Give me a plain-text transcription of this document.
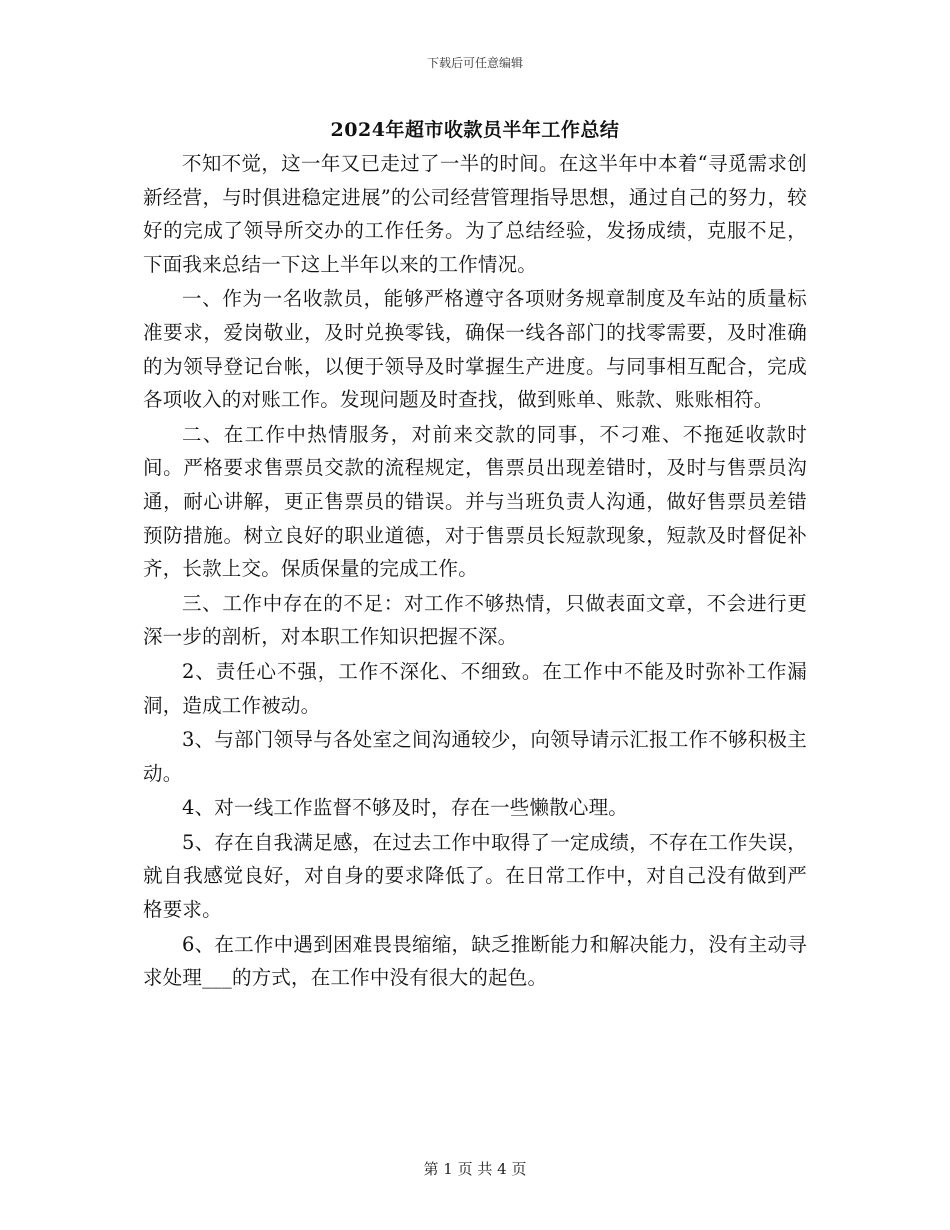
下载后可任意编辑
2024年超市收款员半年工作总结

不知不觉，这一年又已走过了一半的时间。在这半年中本着“寻觅需求创新经营，与时俱进稳定进展”的公司经营管理指导思想，通过自己的努力，较好的完成了领导所交办的工作任务。为了总结经验，发扬成绩，克服不足，下面我来总结一下这上半年以来的工作情况。

一、作为一名收款员，能够严格遵守各项财务规章制度及车站的质量标准要求，爱岗敬业，及时兑换零钱，确保一线各部门的找零需要，及时准确的为领导登记台帐，以便于领导及时掌握生产进度。与同事相互配合，完成各项收入的对账工作。发现问题及时查找，做到账单、账款、账账相符。

二、在工作中热情服务，对前来交款的同事，不刁难、不拖延收款时间。严格要求售票员交款的流程规定，售票员出现差错时，及时与售票员沟通，耐心讲解，更正售票员的错误。并与当班负责人沟通，做好售票员差错预防措施。树立良好的职业道德，对于售票员长短款现象，短款及时督促补齐，长款上交。保质保量的完成工作。

三、工作中存在的不足：对工作不够热情，只做表面文章，不会进行更深一步的剖析，对本职工作知识把握不深。

2、责任心不强，工作不深化、不细致。在工作中不能及时弥补工作漏洞，造成工作被动。

3、与部门领导与各处室之间沟通较少，向领导请示汇报工作不够积极主动。

4、对一线工作监督不够及时，存在一些懒散心理。

5、存在自我满足感，在过去工作中取得了一定成绩，不存在工作失误，就自我感觉良好，对自身的要求降低了。在日常工作中，对自己没有做到严格要求。

6、在工作中遇到困难畏畏缩缩，缺乏推断能力和解决能力，没有主动寻求处理___的方式，在工作中没有很大的起色。

第 1 页 共 4 页
